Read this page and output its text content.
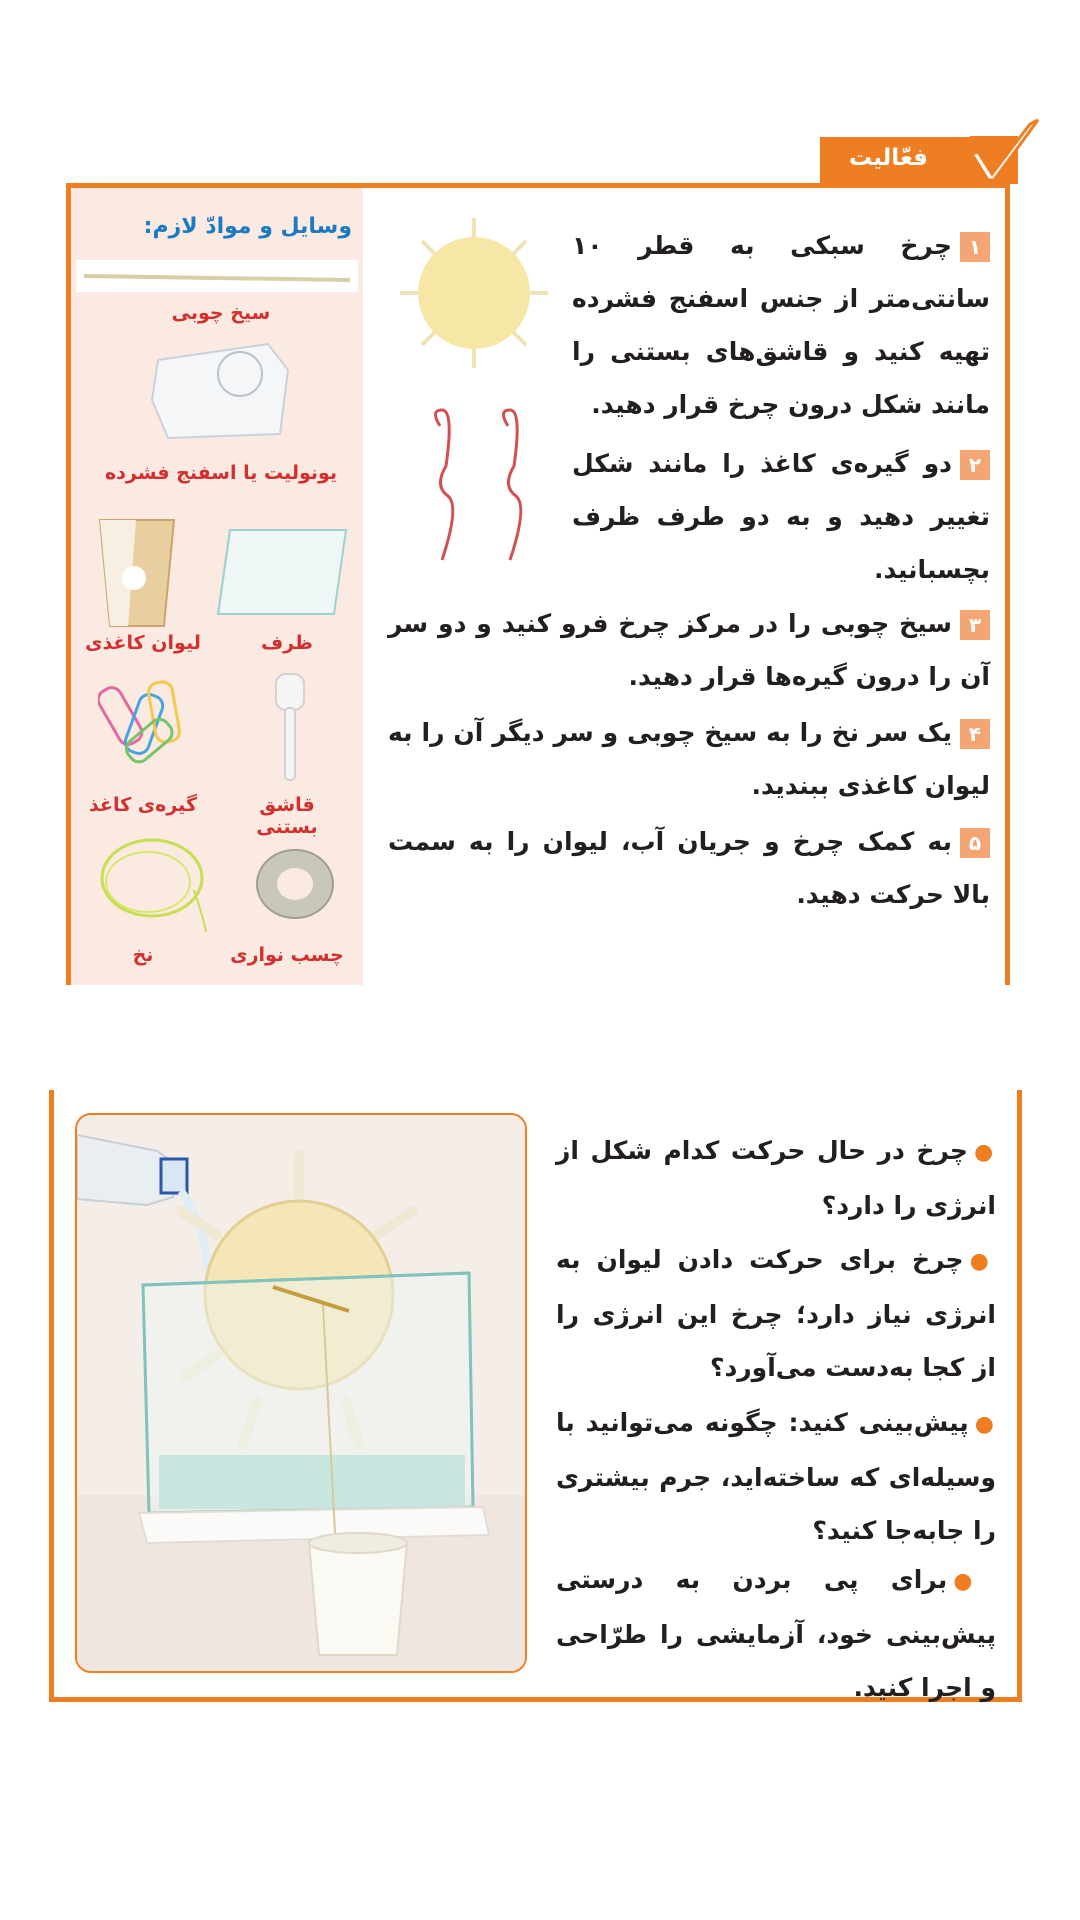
فعّالیت
وسایل و موادّ لازم:
سیخ چوبی
یونولیت یا اسفنج فشرده
لیوان کاغذی	ظرف
گیره‌ی کاغذ	قاشق بستنی
نخ	چسب نواری
۱چرخ سبکی به قطر ۱۰ سانتی‌متر از جنس اسفنج فشرده تهیه کنید و قاشق‌های بستنی را مانند شکل درون چرخ قرار دهید.
۲دو گیره‌ی کاغذ را مانند شکل تغییر دهید و به دو طرف ظرف بچسبانید.
۳سیخ چوبی را در مرکز چرخ فرو کنید و دو سر آن را درون گیره‌ها قرار دهید.
۴یک سر نخ را به سیخ چوبی و سر دیگر آن را به لیوان کاغذی ببندید.
۵به کمک چرخ و جریان آب، لیوان را به سمت بالا حرکت دهید.
●چرخ در حال حرکت کدام شکل از انرژی را دارد؟
●چرخ برای حرکت دادن لیوان به انرژی نیاز دارد؛ چرخ این انرژی را از کجا به‌دست می‌آورد؟
●پیش‌بینی کنید: چگونه می‌توانید با وسیله‌ای که ساخته‌اید، جرم بیشتری را جابه‌جا کنید؟
●برای پی بردن به درستی پیش‌بینی خود، آزمایشی را طرّاحی و اجرا کنید.
